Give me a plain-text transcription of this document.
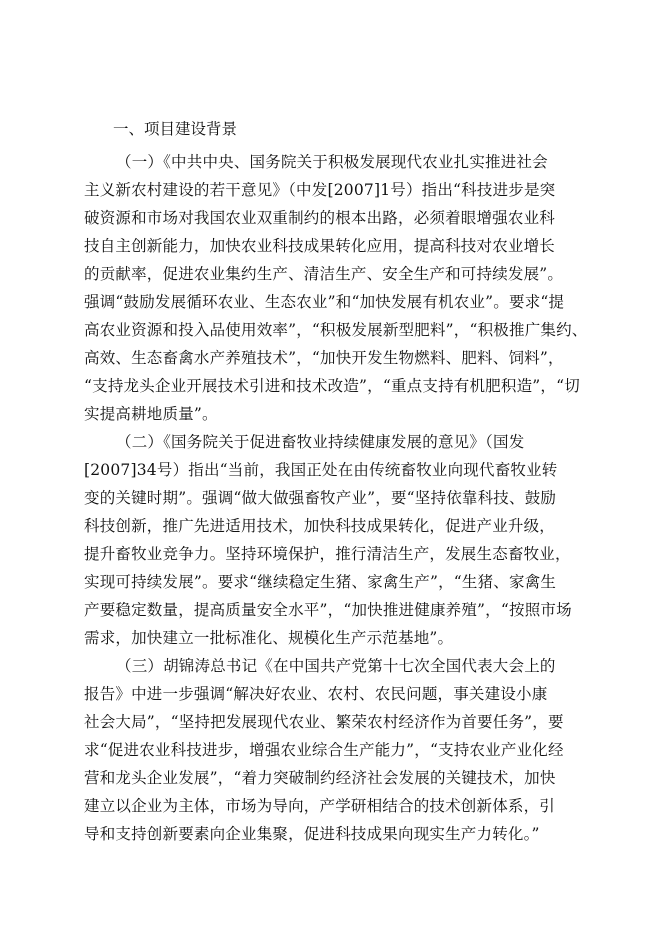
一、项目建设背景
（一）《中共中央、国务院关于积极发展现代农业扎实推进社会
主义新农村建设的若干意见》（中发[2007]1号）指出“科技进步是突
破资源和市场对我国农业双重制约的根本出路，必须着眼增强农业科
技自主创新能力，加快农业科技成果转化应用，提高科技对农业增长
的贡献率，促进农业集约生产、清洁生产、安全生产和可持续发展”。
强调“鼓励发展循环农业、生态农业”和“加快发展有机农业”。要求“提
高农业资源和投入品使用效率”，“积极发展新型肥料”，“积极推广集约、
高效、生态畜禽水产养殖技术”，“加快开发生物燃料、肥料、饲料”，
“支持龙头企业开展技术引进和技术改造”，“重点支持有机肥积造”，“切
实提高耕地质量”。
（二）《国务院关于促进畜牧业持续健康发展的意见》（国发
[2007]34号）指出“当前，我国正处在由传统畜牧业向现代畜牧业转
变的关键时期”。强调“做大做强畜牧产业”，要“坚持依靠科技、鼓励
科技创新，推广先进适用技术，加快科技成果转化，促进产业升级，
提升畜牧业竞争力。坚持环境保护，推行清洁生产，发展生态畜牧业，
实现可持续发展”。要求“继续稳定生猪、家禽生产”，“生猪、家禽生
产要稳定数量，提高质量安全水平”，“加快推进健康养殖”，“按照市场
需求，加快建立一批标准化、规模化生产示范基地”。
（三）胡锦涛总书记《在中国共产党第十七次全国代表大会上的
报告》中进一步强调“解决好农业、农村、农民问题，事关建设小康
社会大局”，“坚持把发展现代农业、繁荣农村经济作为首要任务”，要
求“促进农业科技进步，增强农业综合生产能力”，“支持农业产业化经
营和龙头企业发展”，“着力突破制约经济社会发展的关键技术，加快
建立以企业为主体，市场为导向，产学研相结合的技术创新体系，引
导和支持创新要素向企业集聚，促进科技成果向现实生产力转化。”
